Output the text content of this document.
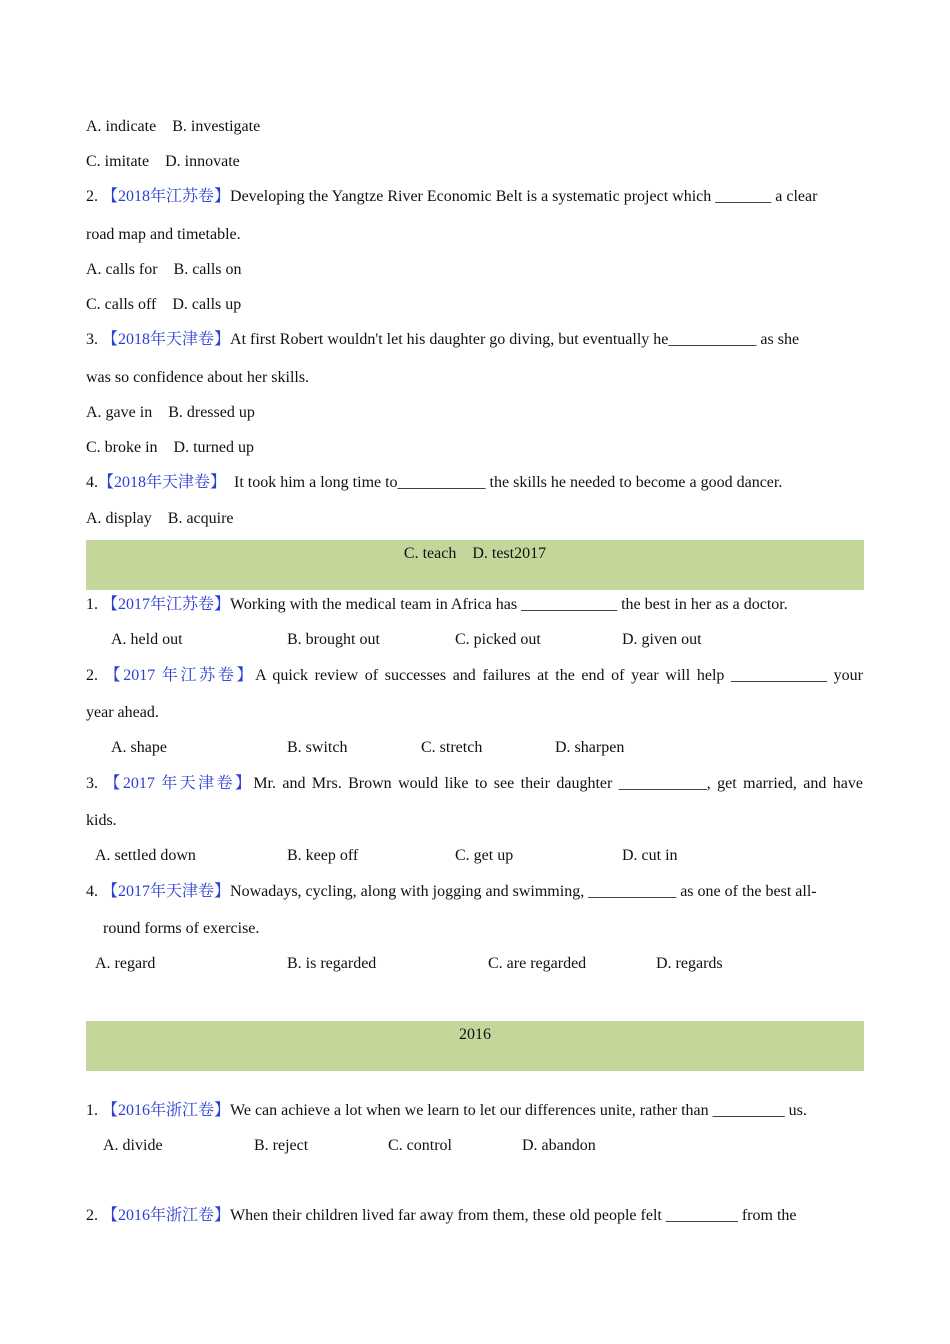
A. indicate    B. investigate
C. imitate    D. innovate
2. 【2018年江苏卷】Developing the Yangtze River Economic Belt is a systematic project which _______ a clear
road map and timetable.
A. calls for    B. calls on
C. calls off    D. calls up
3. 【2018年天津卷】At first Robert wouldn't let his daughter go diving, but eventually he___________ as she
was so confidence about her skills.
A. gave in    B. dressed up
C. broke in    D. turned up
4.【2018年天津卷】  It took him a long time to___________ the skills he needed to become a good dancer.
A. display    B. acquire
C. teach    D. test2017
1. 【2017年江苏卷】Working with the medical team in Africa has ____________ the best in her as a doctor.
A. held out	B. brought out	C. picked out	D. given out
2. 【2017 年江苏卷】A quick review of successes and failures at the end of year will help ____________ your
year ahead.
A. shape	B. switch	C. stretch	D. sharpen
3. 【2017 年天津卷】Mr. and Mrs. Brown would like to see their daughter ___________, get married, and have
kids.
A. settled down	B. keep off	C. get up	D. cut in
4. 【2017年天津卷】Nowadays, cycling, along with jogging and swimming, ___________ as one of the best all-
round forms of exercise.
A. regard	B. is regarded	C. are regarded	D. regards
2016
1. 【2016年浙江卷】We can achieve a lot when we learn to let our differences unite, rather than _________ us.
A. divide	B. reject	C. control	D. abandon
2. 【2016年浙江卷】When their children lived far away from them, these old people felt _________ from the
